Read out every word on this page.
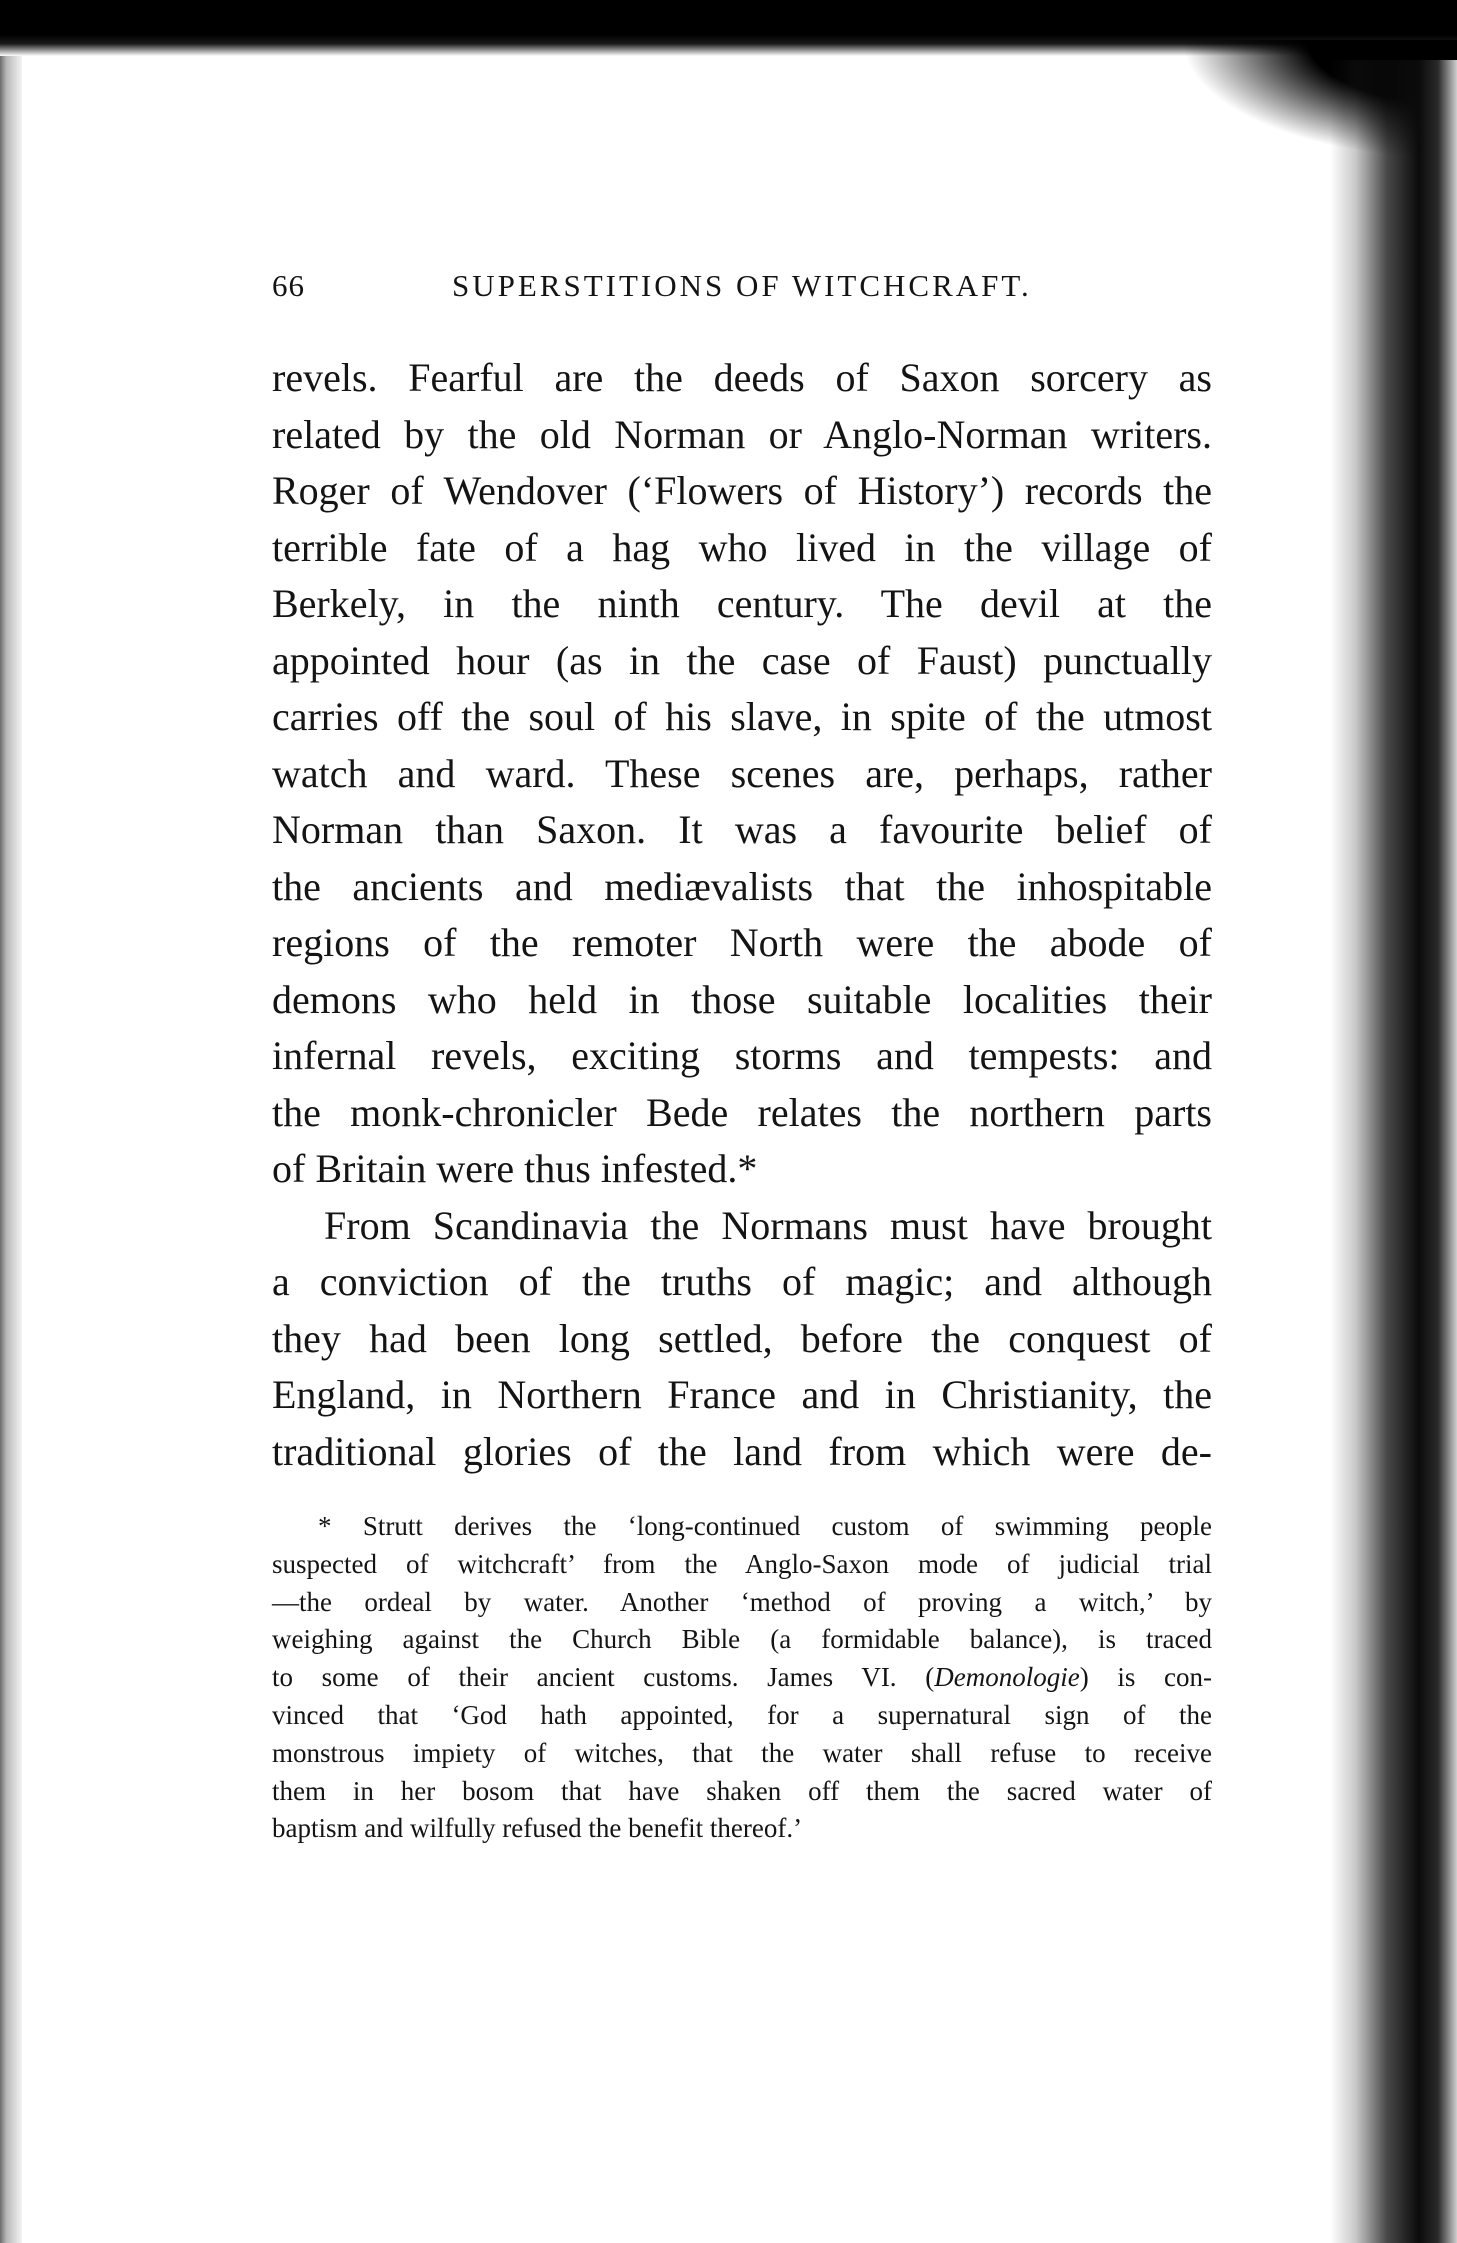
66	SUPERSTITIONS OF WITCHCRAFT.
revels. Fearful are the deeds of Saxon sorcery as
related by the old Norman or Anglo-Norman writers.
Roger of Wendover (‘Flowers of History’) records the
terrible fate of a hag who lived in the village of
Berkely, in the ninth century. The devil at the
appointed hour (as in the case of Faust) punctually
carries off the soul of his slave, in spite of the utmost
watch and ward. These scenes are, perhaps, rather
Norman than Saxon. It was a favourite belief of
the ancients and mediævalists that the inhospitable
regions of the remoter North were the abode of
demons who held in those suitable localities their
infernal revels, exciting storms and tempests: and
the monk-chronicler Bede relates the northern parts
of Britain were thus infested.*
From Scandinavia the Normans must have brought
a conviction of the truths of magic; and although
they had been long settled, before the conquest of
England, in Northern France and in Christianity, the
traditional glories of the land from which were de-
* Strutt derives the ‘long-continued custom of swimming people
suspected of witchcraft’ from the Anglo-Saxon mode of judicial trial
—the ordeal by water. Another ‘method of proving a witch,’ by
weighing against the Church Bible (a formidable balance), is traced
to some of their ancient customs. James VI. (Demonologie) is con-
vinced that ‘God hath appointed, for a supernatural sign of the
monstrous impiety of witches, that the water shall refuse to receive
them in her bosom that have shaken off them the sacred water of
baptism and wilfully refused the benefit thereof.’
